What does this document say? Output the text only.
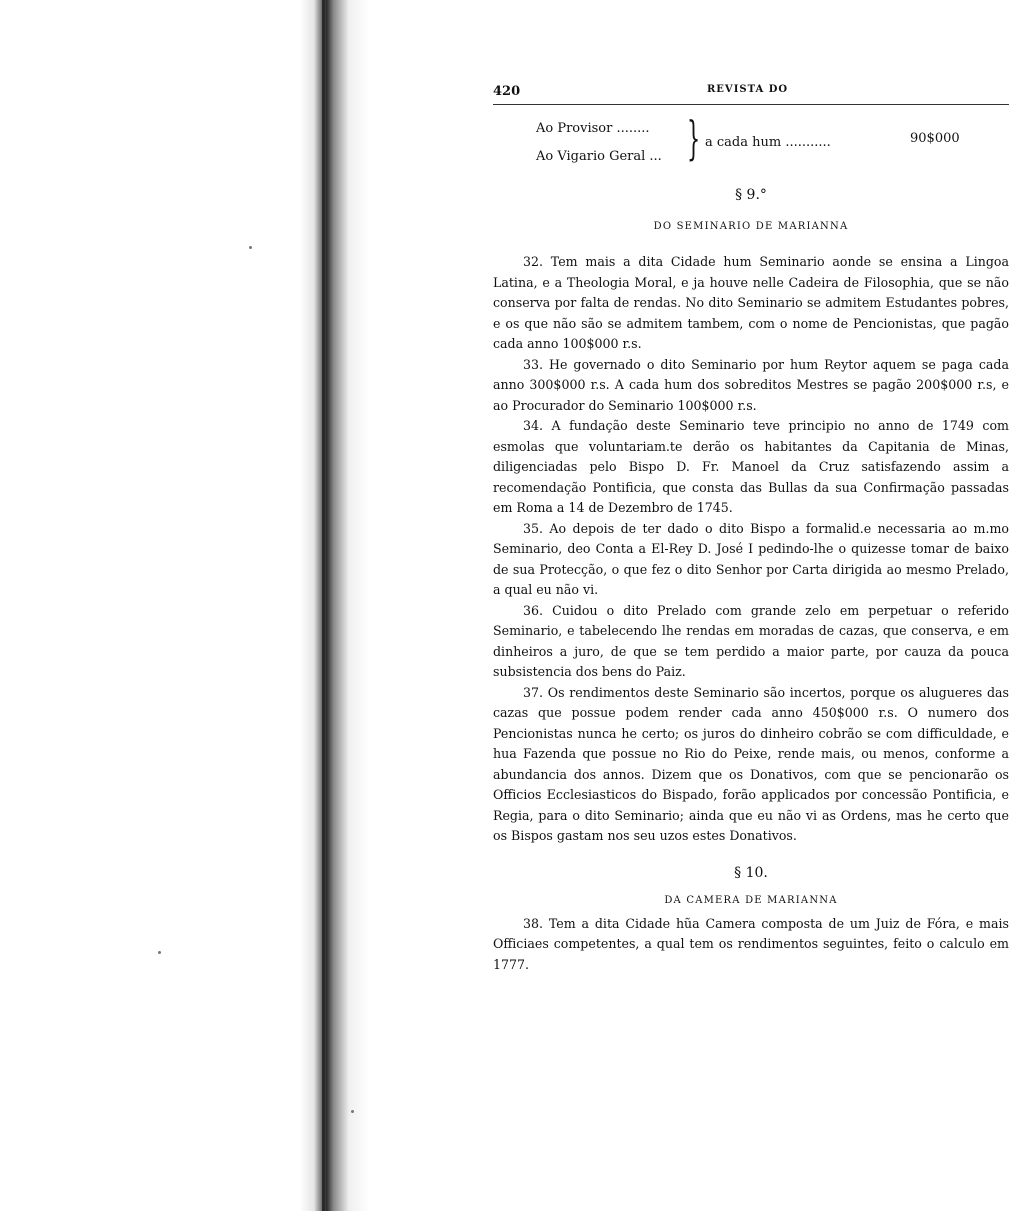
420	REVISTA DO
Ao Provisor ........
Ao Vigario Geral ... } a cada hum ...........	90$000
§ 9.°
DO SEMINARIO DE MARIANNA

32. Tem mais a dita Cidade hum Seminario aonde se ensina a Lingoa Latina, e a Theologia Moral, e ja houve nelle Cadeira de Filosophia, que se não conserva por falta de rendas. No dito Seminario se admitem Estudantes pobres, e os que não são se admitem tambem, com o nome de Pencionistas, que pagão cada anno 100$000 r.s.

33. He governado o dito Seminario por hum Reytor aquem se paga cada anno 300$000 r.s. A cada hum dos sobreditos Mestres se pagão 200$000 r.s, e ao Procurador do Seminario 100$000 r.s.

34. A fundação deste Seminario teve principio no anno de 1749 com esmolas que voluntariam.te derão os habitantes da Capitania de Minas, diligenciadas pelo Bispo D. Fr. Manoel da Cruz satisfazendo assim a recomendação Pontificia, que consta das Bullas da sua Confirmação passadas em Roma a 14 de Dezembro de 1745.

35. Ao depois de ter dado o dito Bispo a formalid.e necessaria ao m.mo Seminario, deo Conta a El-Rey D. José I pedindo-lhe o quizesse tomar de baixo de sua Protecção, o que fez o dito Senhor por Carta dirigida ao mesmo Prelado, a qual eu não vi.

36. Cuidou o dito Prelado com grande zelo em perpetuar o referido Seminario, e tabelecendo lhe rendas em moradas de cazas, que conserva, e em dinheiros a juro, de que se tem perdido a maior parte, por cauza da pouca subsistencia dos bens do Paiz.

37. Os rendimentos deste Seminario são incertos, porque os alugueres das cazas que possue podem render cada anno 450$000 r.s. O numero dos Pencionistas nunca he certo; os juros do dinheiro cobrão se com difficuldade, e hua Fazenda que possue no Rio do Peixe, rende mais, ou menos, conforme a abundancia dos annos. Dizem que os Donativos, com que se pencionarão os Officios Ecclesiasticos do Bispado, forão applicados por concessão Pontificia, e Regia, para o dito Seminario; ainda que eu não vi as Ordens, mas he certo que os Bispos gastam nos seu uzos estes Donativos.

§ 10.
DA CAMERA DE MARIANNA

38. Tem a dita Cidade hũa Camera composta de um Juiz de Fóra, e mais Officiaes competentes, a qual tem os rendimentos seguintes, feito o calculo em 1777.
